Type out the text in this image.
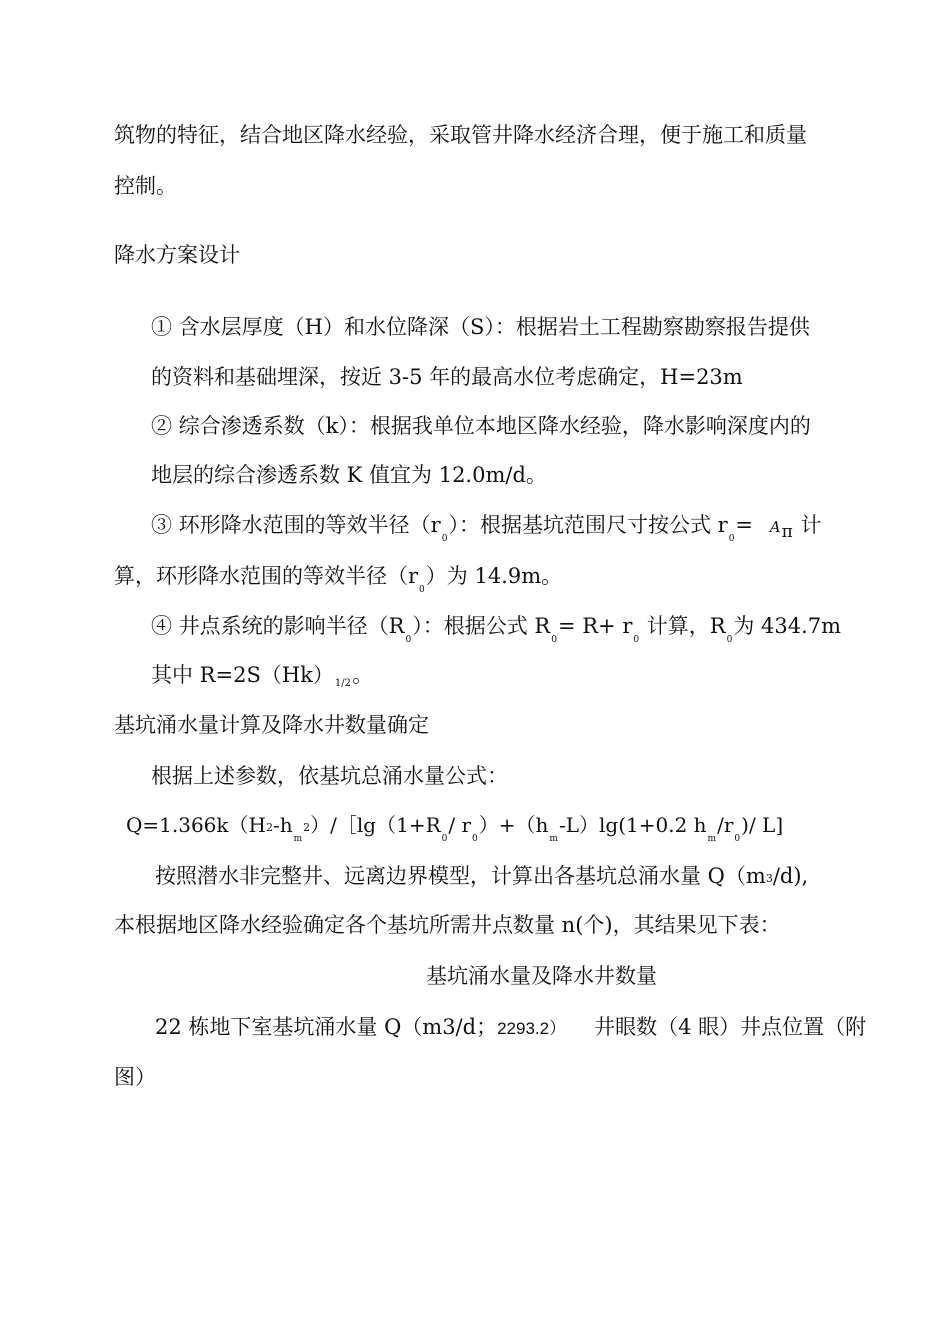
筑物的特征，结合地区降水经验，采取管井降水经济合理，便于施工和质量
控制。
降水方案设计
① 含水层厚度（H）和水位降深（S）：根据岩土工程勘察勘察报告提供
的资料和基础埋深，按近 3-5 年的最高水位考虑确定，H=23m
② 综合渗透系数（k）：根据我单位本地区降水经验，降水影响深度内的
地层的综合渗透系数 K 值宜为 12.0m/d。
③ 环形降水范围的等效半径$(r_0)$：根据基坑范围尺寸按公式 $r_0= A_\pi$ 计
算，环形降水范围的等效半径$(r_0)$为 14.9m。
④ 井点系统的影响半径$(R_0)$：根据公式 $R_0= R+ r_0$ 计算，$R_0$为 434.7m
其中 R=2S（Hk）1/2。
基坑涌水量计算及降水井数量确定
根据上述参数，依基坑总涌水量公式：
$Q=1.366k(H2-h_m2)/[\lg(1+R_0/$ $r_0)+(h_m-L)\lg(1+0.2$ $h_m/r_0)/$ L]
按照潜水非完整井、远离边界模型，计算出各基坑总涌水量 Q（m3/d),
本根据地区降水经验确定各个基坑所需井点数量 n(个)，其结果见下表：
基坑涌水量及降水井数量
22 栋地下室基坑涌水量 Q（m3/d；2293.2） 井眼数（4 眼）井点位置（附
图）
